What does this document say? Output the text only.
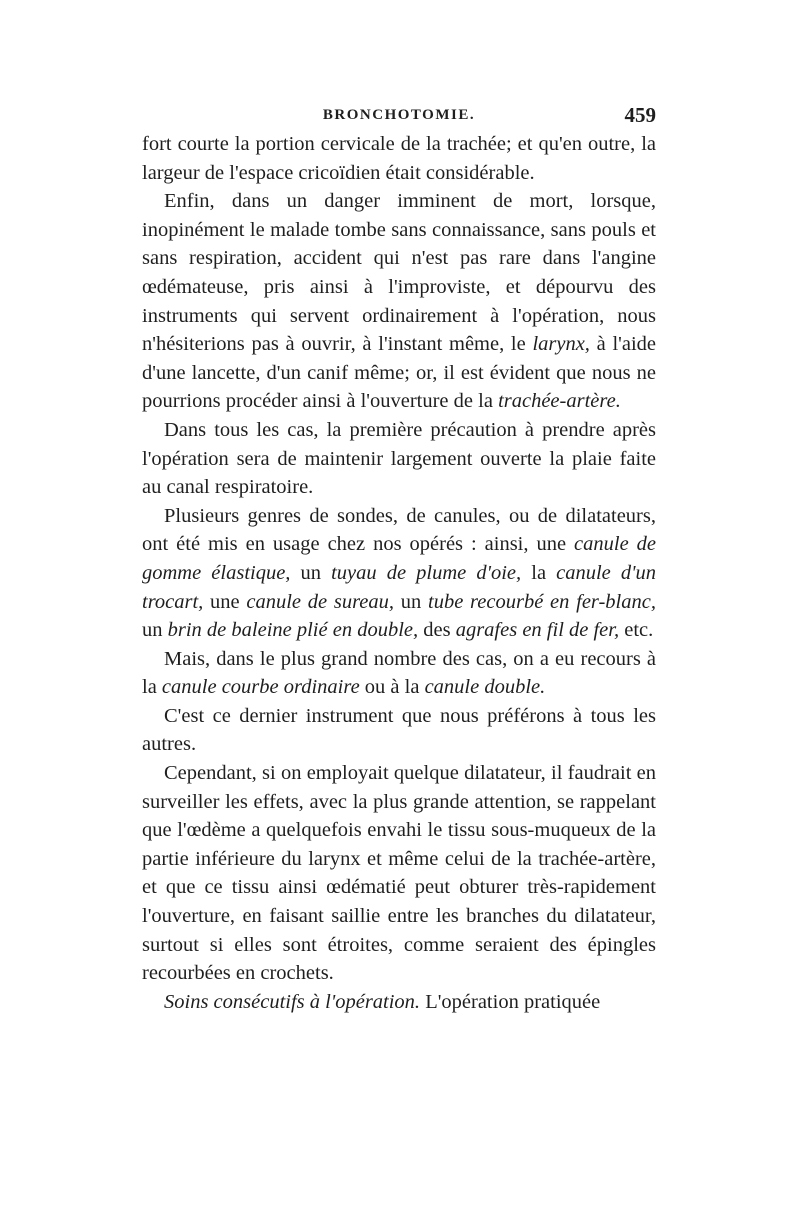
BRONCHOTOMIE.	459

fort courte la portion cervicale de la trachée; et qu'en outre, la largeur de l'espace cricoïdien était considérable.

Enfin, dans un danger imminent de mort, lorsque, inopinément le malade tombe sans connaissance, sans pouls et sans respiration, accident qui n'est pas rare dans l'angine œdémateuse, pris ainsi à l'improviste, et dépourvu des instruments qui servent ordinairement à l'opération, nous n'hésiterions pas à ouvrir, à l'instant même, le larynx, à l'aide d'une lancette, d'un canif même; or, il est évident que nous ne pourrions procéder ainsi à l'ouverture de la trachée-artère.

Dans tous les cas, la première précaution à prendre après l'opération sera de maintenir largement ouverte la plaie faite au canal respiratoire.

Plusieurs genres de sondes, de canules, ou de dilatateurs, ont été mis en usage chez nos opérés : ainsi, une canule de gomme élastique, un tuyau de plume d'oie, la canule d'un trocart, une canule de sureau, un tube recourbé en fer-blanc, un brin de baleine plié en double, des agrafes en fil de fer, etc.

Mais, dans le plus grand nombre des cas, on a eu recours à la canule courbe ordinaire ou à la canule double.

C'est ce dernier instrument que nous préférons à tous les autres.

Cependant, si on employait quelque dilatateur, il faudrait en surveiller les effets, avec la plus grande attention, se rappelant que l'œdème a quelquefois envahi le tissu sous-muqueux de la partie inférieure du larynx et même celui de la trachée-artère, et que ce tissu ainsi œdématié peut obturer très-rapidement l'ouverture, en faisant saillie entre les branches du dilatateur, surtout si elles sont étroites, comme seraient des épingles recourbées en crochets.

Soins consécutifs à l'opération. L'opération pratiquée
